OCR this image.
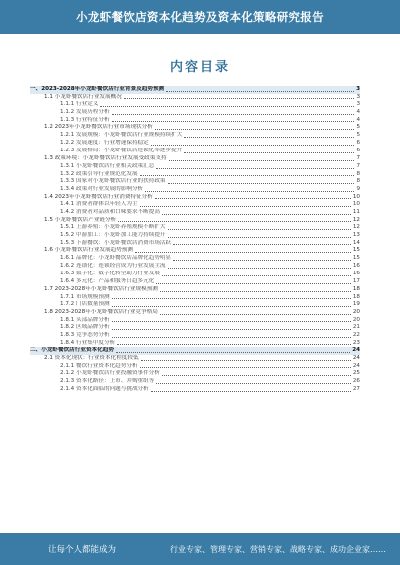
小龙虾餐饮店资本化趋势及资本化策略研究报告
内容目录
一、2023-2028年小龙虾餐饮店行业背景及趋势预测	3
1.1 小龙虾餐饮店行业发展概况	3
1.1.1 行业定义	3
1.1.2 发展历程分析	4
1.1.3 行业特征分析	4
1.2 2023年小龙虾餐饮店行业市场现状分析	5
1.2.1 发展规模：小龙虾餐饮店行业规模持续扩大	5
1.2.2 发展速度：行业增速保持稳定	6
1.2.3 发展格局：小龙虾餐饮店连锁化率逐步提升	6
1.3 政策环境：小龙虾餐饮店行业发展受政策支持	7
1.3.1 小龙虾餐饮店行业相关政策汇总	7
1.3.2 政策引导行业规范化发展	8
1.3.3 国家对小龙虾餐饮店行业的扶持政策	8
1.3.4 政策对行业发展的影响分析	9
1.4 2023年小龙虾餐饮店行业消费特征分析	10
1.4.1 消费者群体以年轻人为主	10
1.4.2 消费者对品质和口味要求不断提高	11
1.5 小龙虾餐饮店产业链分析	12
1.5.1 上游养殖：小龙虾养殖规模不断扩大	12
1.5.2 中游加工：小龙虾加工能力持续提升	13
1.5.3 下游餐饮：小龙虾餐饮店消费市场活跃	14
1.6 小龙虾餐饮店行业发展趋势预测	15
1.6.1 品牌化：小龙虾餐饮店品牌化趋势明显	15
1.6.2 连锁化：连锁经营成为行业发展主流	16
1.6.3 数字化：数字化转型助力行业发展	16
1.6.4 多元化：产品和服务日趋多元化	17
1.7 2023-2028年小龙虾餐饮店行业规模预测	18
1.7.1 市场规模预测	18
1.7.2 门店数量预测	19
1.8 2023-2028年小龙虾餐饮店行业竞争格局	20
1.8.1 头部品牌分析	20
1.8.2 区域品牌分析	21
1.8.3 竞争态势分析	22
1.8.4 行业集中度分析	23
二、小龙虾餐饮店行业资本化趋势	24
2.1 资本化现状：行业资本化程度较低	24
2.1.1 餐饮行业资本化趋势分析	24
2.1.2 小龙虾餐饮店行业投融资事件分析	25
2.1.3 资本化路径：上市、并购重组等	26
2.1.4 资本化面临的问题与挑战分析	27
让每个人都能成为	行业专家、管理专家、营销专家、战略专家、成功企业家……
